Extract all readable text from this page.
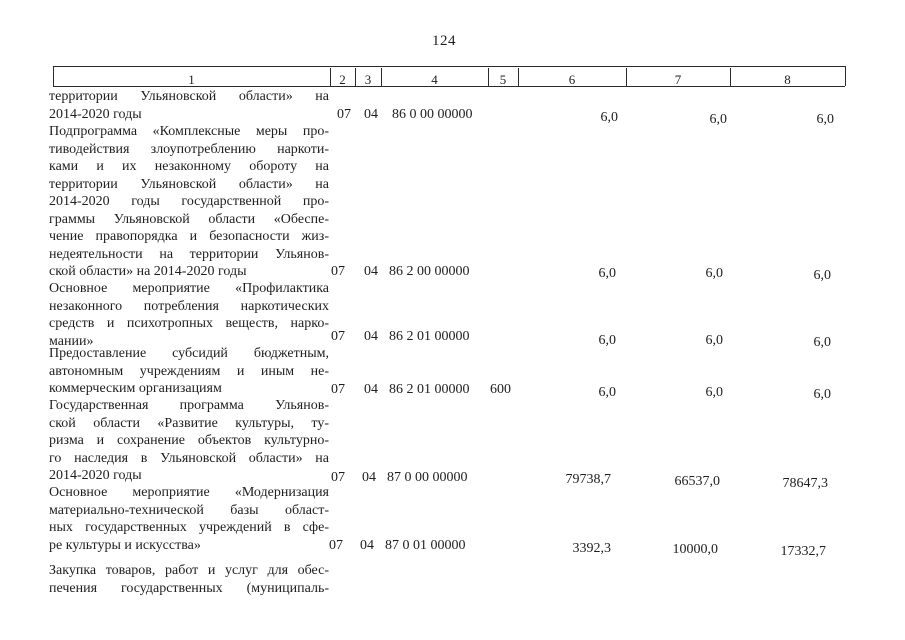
124
1	2	3	4	5	6	7	8
территории Ульяновской области» на
2014-2020 годы	07 04 86 0 00 00000	6,0	6,0	6,0
Подпрограмма «Комплексные меры про-
тиводействия злоупотреблению наркоти-
ками и их незаконному обороту на
территории Ульяновской области» на
2014-2020 годы государственной про-
граммы Ульяновской области «Обеспе-
чение правопорядка и безопасности жиз-
недеятельности на территории Ульянов-
ской области» на 2014-2020 годы	07 04 86 2 00 00000	6,0	6,0	6,0
Основное мероприятие «Профилактика
незаконного потребления наркотических
средств и психотропных веществ, нарко-
мании»	07 04 86 2 01 00000	6,0	6,0	6,0
Предоставление субсидий бюджетным,
автономным учреждениям и иным не-
коммерческим организациям	07 04 86 2 01 00000 600	6,0	6,0	6,0
Государственная программа Ульянов-
ской области «Развитие культуры, ту-
ризма и сохранение объектов культурно-
го наследия в Ульяновской области» на
2014-2020 годы	07 04 87 0 00 00000	79738,7	66537,0	78647,3
Основное мероприятие «Модернизация
материально-технической базы област-
ных государственных учреждений в сфе-
ре культуры и искусства»	07 04 87 0 01 00000	3392,3	10000,0	17332,7
Закупка товаров, работ и услуг для обес-
печения государственных (муниципаль-
